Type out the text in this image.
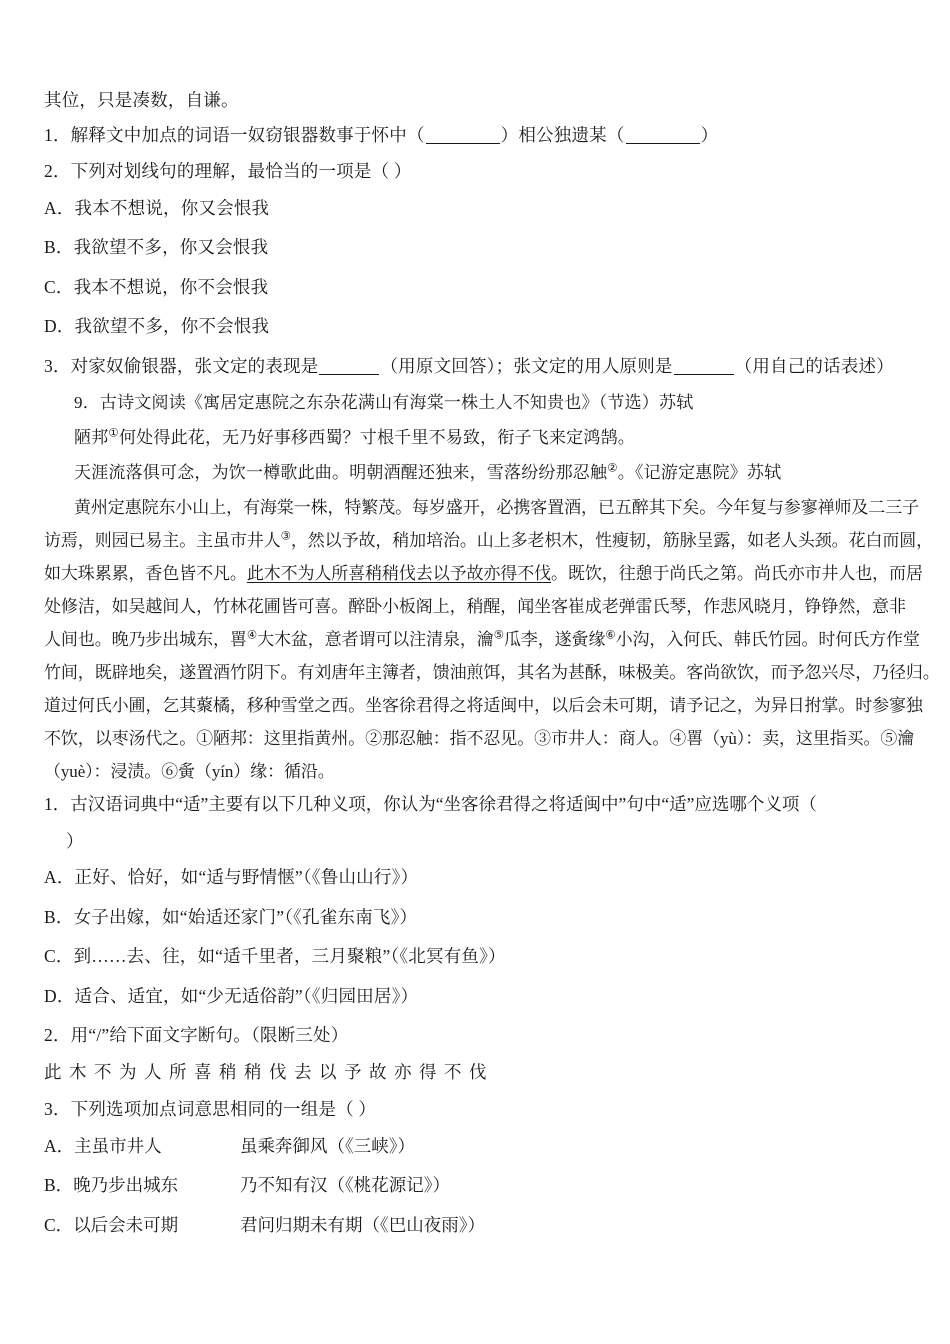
其位，只是凑数，自谦。

1．解释文中加点的词语一奴窃银器数事于怀中（	）相公独遗某（	）

2．下列对划线句的理解，最恰当的一项是（ ）

A．我本不想说，你又会恨我

B．我欲望不多，你又会恨我

C．我本不想说，你不会恨我

D．我欲望不多，你不会恨我

3．对家奴偷银器，张文定的表现是	（用原文回答）；张文定的用人原则是	（用自己的话表述）

9．古诗文阅读《寓居定惠院之东杂花满山有海棠一株土人不知贵也》（节选）苏轼

陋邦①何处得此花，无乃好事移西蜀？寸根千里不易致，衔子飞来定鸿鹄。

天涯流落俱可念，为饮一樽歌此曲。明朝酒醒还独来，雪落纷纷那忍触②。《记游定惠院》苏轼

黄州定惠院东小山上，有海棠一株，特繁茂。每岁盛开，必携客置酒，已五醉其下矣。今年复与参寥禅师及二三子

访焉，则园已易主。主虽市井人③，然以予故，稍加培治。山上多老枳木，性瘦韧，筋脉呈露，如老人头颈。花白而圆，

如大珠累累，香色皆不凡。此木不为人所喜稍稍伐去以予故亦得不伐。既饮，往憩于尚氏之第。尚氏亦市井人也，而居

处修洁，如吴越间人，竹林花圃皆可喜。醉卧小板阁上，稍醒，闻坐客崔成老弹雷氏琴，作悲风晓月，铮铮然，意非

人间也。晚乃步出城东，嘼④大木盆，意者谓可以注清泉，瀹⑤瓜李，遂夤缘⑥小沟，入何氏、韩氏竹园。时何氏方作堂

竹间，既辟地矣，遂置酒竹阴下。有刘唐年主簿者，馈油煎饵，其名为甚酥，味极美。客尚欲饮，而予忽兴尽，乃径归。

道过何氏小圃，乞其藂橘，移种雪堂之西。坐客徐君得之将适闽中，以后会未可期，请予记之，为异日拊掌。时参寥独

不饮，以枣汤代之。①陋邦：这里指黄州。②那忍触：指不忍见。③市井人：商人。④嘼（yù）：卖，这里指买。⑤瀹

（yuè）：浸渍。⑥夤（yín）缘：循沿。

1．古汉语词典中“适”主要有以下几种义项，你认为“坐客徐君得之将适闽中”句中“适”应选哪个义项（
）

A．正好、恰好，如“适与野情惬”（《鲁山山行》）

B．女子出嫁，如“始适还家门”（《孔雀东南飞》）

C．到……去、往，如“适千里者，三月聚粮”（《北冥有鱼》）

D．适合、适宜，如“少无适俗韵”（《归园田居》）

2．用“/”给下面文字断句。（限断三处）

此木不为人所喜稍稍伐去以予故亦得不伐

3．下列选项加点词意思相同的一组是（ ）

A．主虽市井人	虽乘奔御风（《三峡》）

B．晚乃步出城东	乃不知有汉（《桃花源记》）

C．以后会未可期	君问归期未有期（《巴山夜雨》）
